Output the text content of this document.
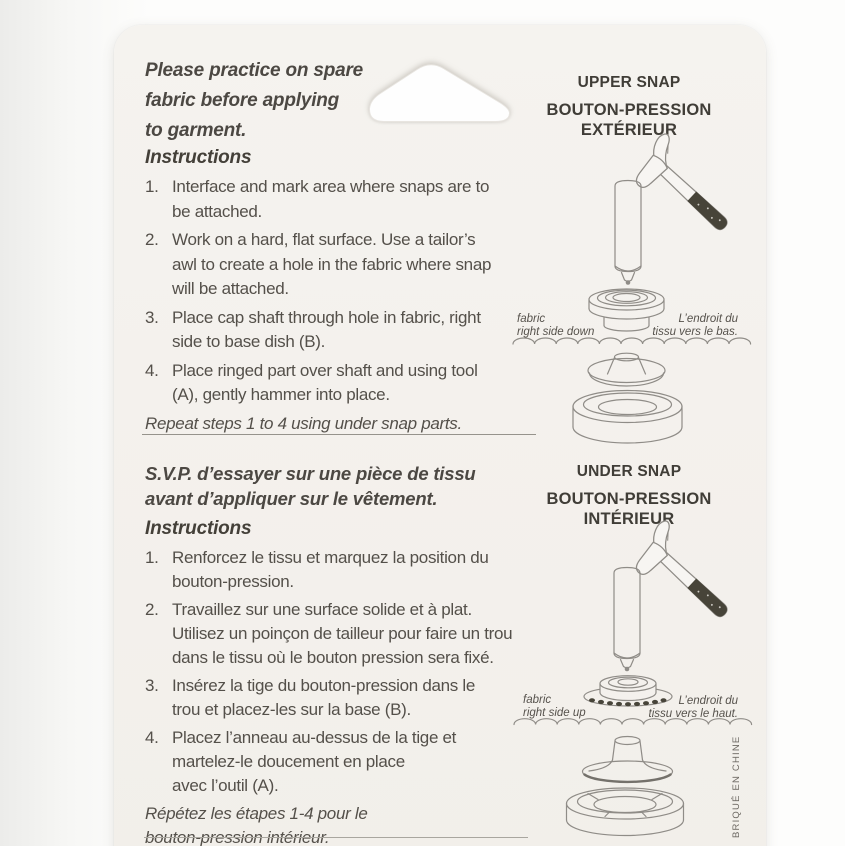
Please practice on spare
fabric before applying
to garment.
Instructions
1. Interface and mark area where snaps are to
be attached.
2. Work on a hard, flat surface. Use a tailor’s
awl to create a hole in the fabric where snap
will be attached.
3. Place cap shaft through hole in fabric, right
side to base dish (B).
4. Place ringed part over shaft and using tool
(A), gently hammer into place.
Repeat steps 1 to 4 using under snap parts.
S.V.P. d’essayer sur une pièce de tissu
avant d’appliquer sur le vêtement.
Instructions
1. Renforcez le tissu et marquez la position du
bouton-pression.
2. Travaillez sur une surface solide et à plat.
Utilisez un poinçon de tailleur pour faire un trou
dans le tissu où le bouton pression sera fixé.
3. Insérez la tige du bouton-pression dans le
trou et placez-les sur la base (B).
4. Placez l’anneau au-dessus de la tige et
martelez-le doucement en place
avec l’outil (A).
Répétez les étapes 1-4 pour le
bouton-pression intérieur.
UPPER SNAP
BOUTON-PRESSION
EXTÉRIEUR
fabric
right side down
L’endroit du
tissu vers le bas.
UNDER SNAP
BOUTON-PRESSION
INTÉRIEUR
fabric
right side up
L’endroit du
tissu vers le haut.
BRIQUÉ EN CHINE
